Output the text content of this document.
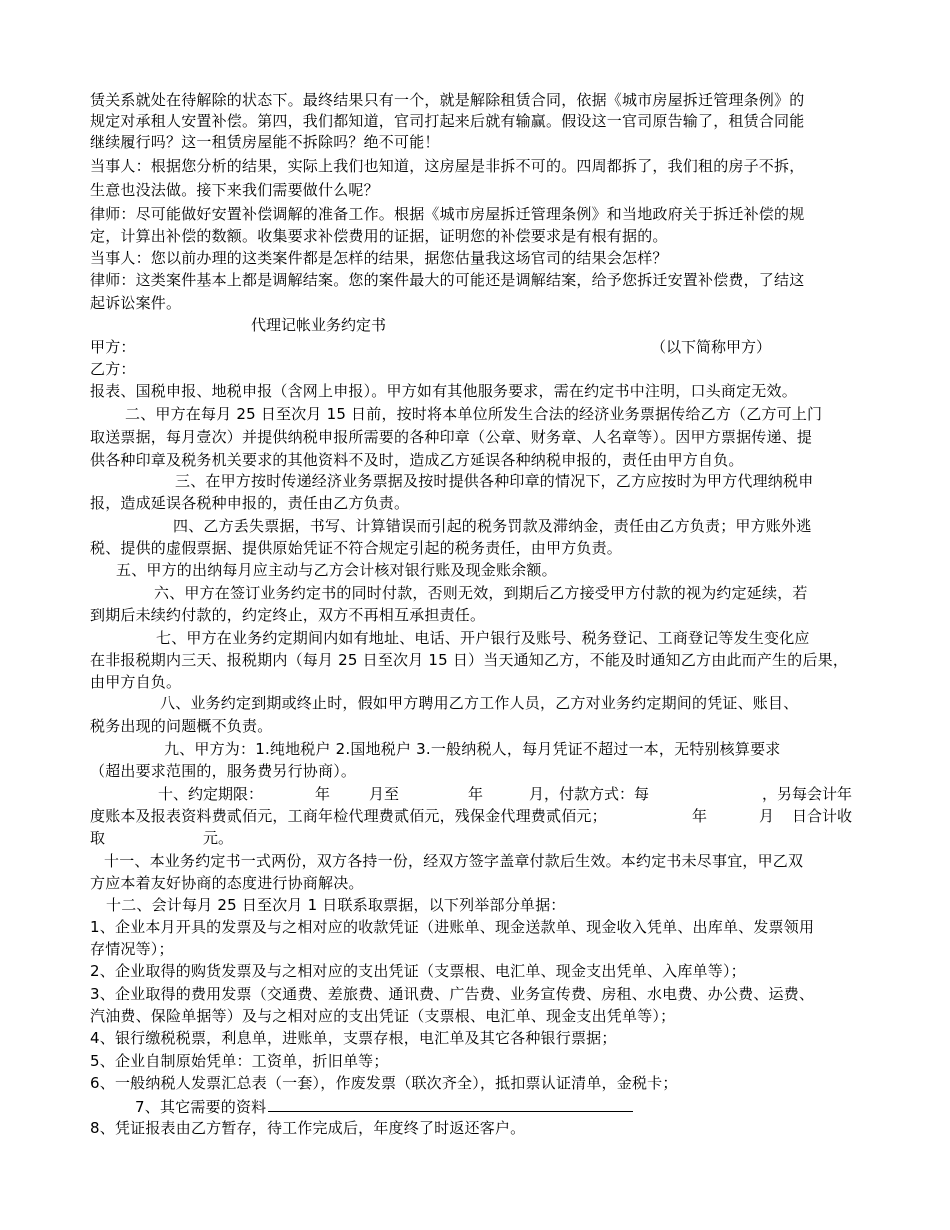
赁关系就处在待解除的状态下。最终结果只有一个，就是解除租赁合同，依据《城市房屋拆迁管理条例》的
规定对承租人安置补偿。第四，我们都知道，官司打起来后就有输赢。假设这一官司原告输了，租赁合同能
继续履行吗？这一租赁房屋能不拆除吗？绝不可能！
当事人：根据您分析的结果，实际上我们也知道，这房屋是非拆不可的。四周都拆了，我们租的房子不拆，
生意也没法做。接下来我们需要做什么呢？
律师：尽可能做好安置补偿调解的准备工作。根据《城市房屋拆迁管理条例》和当地政府关于拆迁补偿的规
定，计算出补偿的数额。收集要求补偿费用的证据，证明您的补偿要求是有根有据的。
当事人：您以前办理的这类案件都是怎样的结果，据您估量我这场官司的结果会怎样？
律师：这类案件基本上都是调解结案。您的案件最大的可能还是调解结案，给予您拆迁安置补偿费，了结这
起诉讼案件。
代理记帐业务约定书
甲方：	（以下简称甲方）
乙方：
报表、国税申报、地税申报（含网上申报）。甲方如有其他服务要求，需在约定书中注明，口头商定无效。
二、甲方在每月 25 日至次月 15 日前，按时将本单位所发生合法的经济业务票据传给乙方（乙方可上门
取送票据，每月壹次）并提供纳税申报所需要的各种印章（公章、财务章、人名章等）。因甲方票据传递、提
供各种印章及税务机关要求的其他资料不及时，造成乙方延误各种纳税申报的，责任由甲方自负。
三、在甲方按时传递经济业务票据及按时提供各种印章的情况下，乙方应按时为甲方代理纳税申
报，造成延误各税种申报的，责任由乙方负责。
四、乙方丢失票据，书写、计算错误而引起的税务罚款及滞纳金，责任由乙方负责；甲方账外逃
税、提供的虚假票据、提供原始凭证不符合规定引起的税务责任，由甲方负责。
五、甲方的出纳每月应主动与乙方会计核对银行账及现金账余额。
六、甲方在签订业务约定书的同时付款，否则无效，到期后乙方接受甲方付款的视为约定延续，若
到期后未续约付款的，约定终止，双方不再相互承担责任。
七、甲方在业务约定期间内如有地址、电话、开户银行及账号、税务登记、工商登记等发生变化应
在非报税期内三天、报税期内（每月 25 日至次月 15 日）当天通知乙方，不能及时通知乙方由此而产生的后果，
由甲方自负。
八、业务约定到期或终止时，假如甲方聘用乙方工作人员，乙方对业务约定期间的凭证、账目、
税务出现的问题概不负责。
九、甲方为：1.纯地税户 2.国地税户 3.一般纳税人，每月凭证不超过一本，无特别核算要求
（超出要求范围的，服务费另行协商）。
十、约定期限：	年	月至	年	月，付款方式：每	，另每会计年
度账本及报表资料费贰佰元，工商年检代理费贰佰元，残保金代理费贰佰元；	年	月 日合计收
取	元。
十一、本业务约定书一式两份，双方各持一份，经双方签字盖章付款后生效。本约定书未尽事宜，甲乙双
方应本着友好协商的态度进行协商解决。
十二、会计每月 25 日至次月 1 日联系取票据，以下列举部分单据：
1、企业本月开具的发票及与之相对应的收款凭证（进账单、现金送款单、现金收入凭单、出库单、发票领用
存情况等）；
2、企业取得的购货发票及与之相对应的支出凭证（支票根、电汇单、现金支出凭单、入库单等）；
3、企业取得的费用发票（交通费、差旅费、通讯费、广告费、业务宣传费、房租、水电费、办公费、运费、
汽油费、保险单据等）及与之相对应的支出凭证（支票根、电汇单、现金支出凭单等）；
4、银行缴税税票，利息单，进账单，支票存根，电汇单及其它各种银行票据；
5、企业自制原始凭单：工资单，折旧单等；
6、一般纳税人发票汇总表（一套），作废发票（联次齐全），抵扣票认证清单，金税卡；
7、其它需要的资料
8、凭证报表由乙方暂存，待工作完成后，年度终了时返还客户。
